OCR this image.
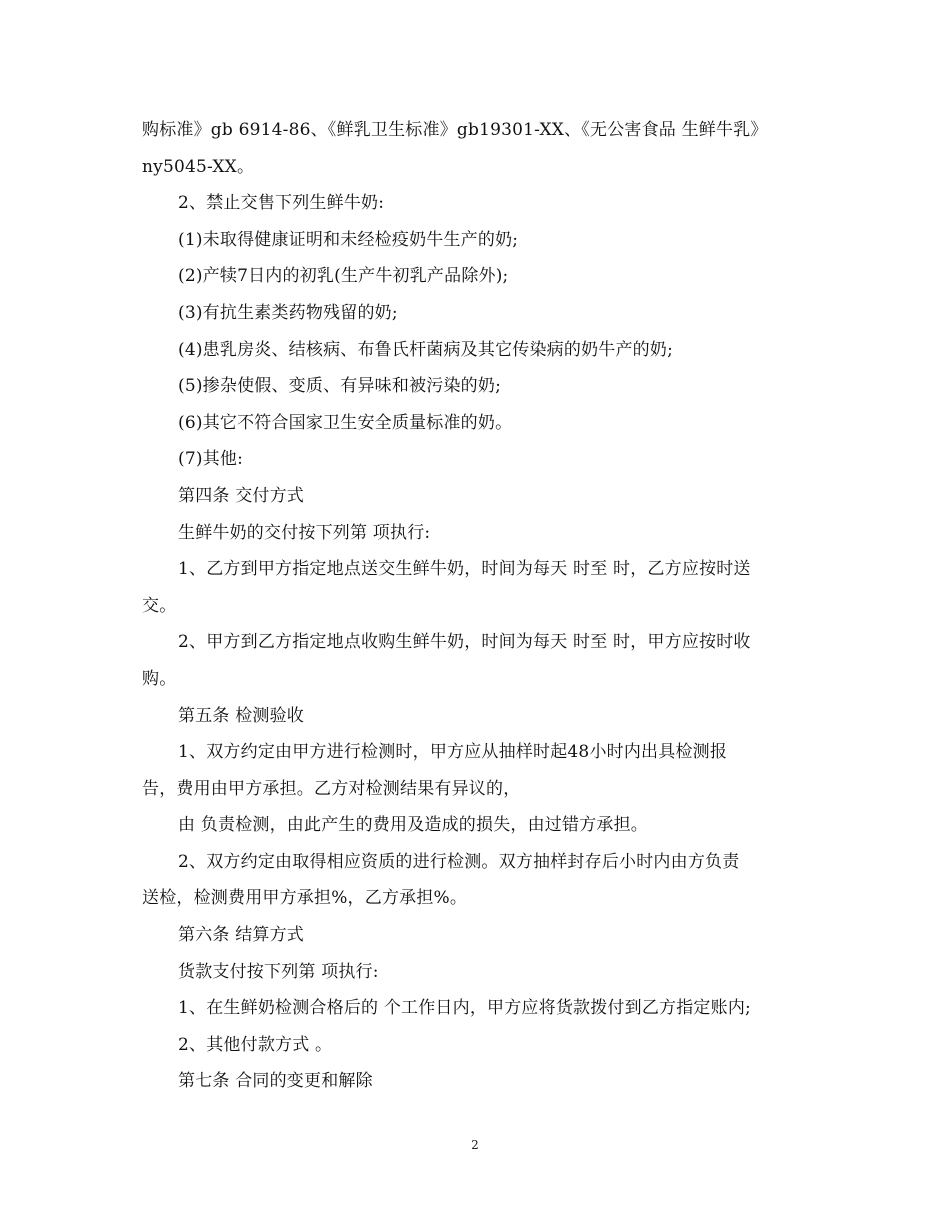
购标准》gb 6914-86、《鲜乳卫生标准》gb19301-XX、《无公害食品 生鲜牛乳》
ny5045-XX。
2、禁止交售下列生鲜牛奶:
(1)未取得健康证明和未经检疫奶牛生产的奶;
(2)产犊7日内的初乳(生产牛初乳产品除外);
(3)有抗生素类药物残留的奶;
(4)患乳房炎、结核病、布鲁氏杆菌病及其它传染病的奶牛产的奶;
(5)掺杂使假、变质、有异味和被污染的奶;
(6)其它不符合国家卫生安全质量标准的奶。
(7)其他:
第四条 交付方式
生鲜牛奶的交付按下列第 项执行:
1、乙方到甲方指定地点送交生鲜牛奶，时间为每天 时至 时，乙方应按时送
交。
2、甲方到乙方指定地点收购生鲜牛奶，时间为每天 时至 时，甲方应按时收
购。
第五条 检测验收
1、双方约定由甲方进行检测时，甲方应从抽样时起48小时内出具检测报
告，费用由甲方承担。乙方对检测结果有异议的，
由 负责检测，由此产生的费用及造成的损失，由过错方承担。
2、双方约定由取得相应资质的进行检测。双方抽样封存后小时内由方负责
送检，检测费用甲方承担%，乙方承担%。
第六条 结算方式
货款支付按下列第 项执行:
1、在生鲜奶检测合格后的 个工作日内，甲方应将货款拨付到乙方指定账内;
2、其他付款方式 。
第七条 合同的变更和解除
2
